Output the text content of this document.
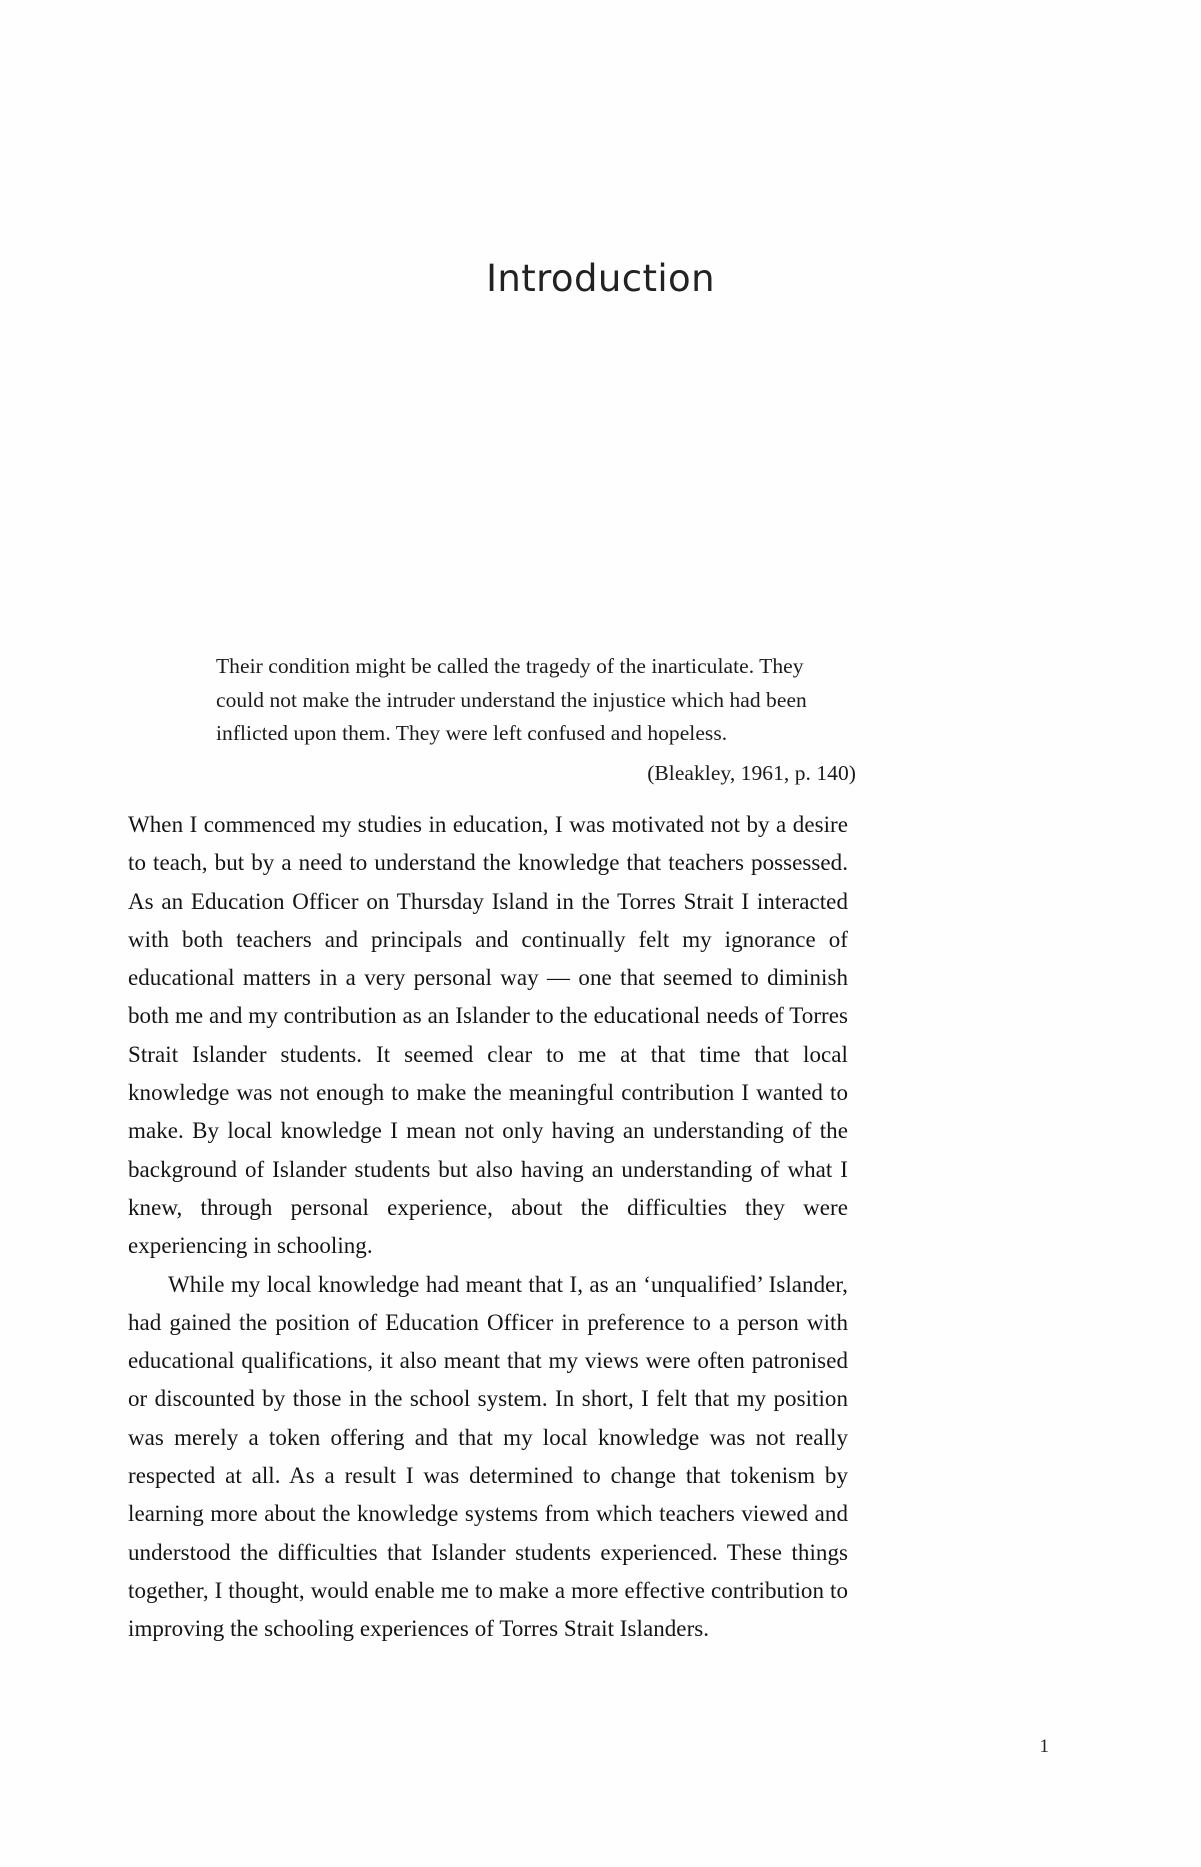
Introduction

Their condition might be called the tragedy of the inarticulate. They could not make the intruder understand the injustice which had been inflicted upon them. They were left confused and hopeless.

(Bleakley, 1961, p. 140)

When I commenced my studies in education, I was motivated not by a desire to teach, but by a need to understand the knowledge that teachers possessed. As an Education Officer on Thursday Island in the Torres Strait I interacted with both teachers and principals and continually felt my ignorance of educational matters in a very personal way — one that seemed to diminish both me and my contribution as an Islander to the educational needs of Torres Strait Islander students. It seemed clear to me at that time that local knowledge was not enough to make the meaningful contribution I wanted to make. By local knowledge I mean not only having an understanding of the background of Islander students but also having an understanding of what I knew, through personal experience, about the difficulties they were experiencing in schooling.

While my local knowledge had meant that I, as an ‘unqualified’ Islander, had gained the position of Education Officer in preference to a person with educational qualifications, it also meant that my views were often patronised or discounted by those in the school system. In short, I felt that my position was merely a token offering and that my local knowledge was not really respected at all. As a result I was determined to change that tokenism by learning more about the knowledge systems from which teachers viewed and understood the difficulties that Islander students experienced. These things together, I thought, would enable me to make a more effective contribution to improving the schooling experiences of Torres Strait Islanders.

1
